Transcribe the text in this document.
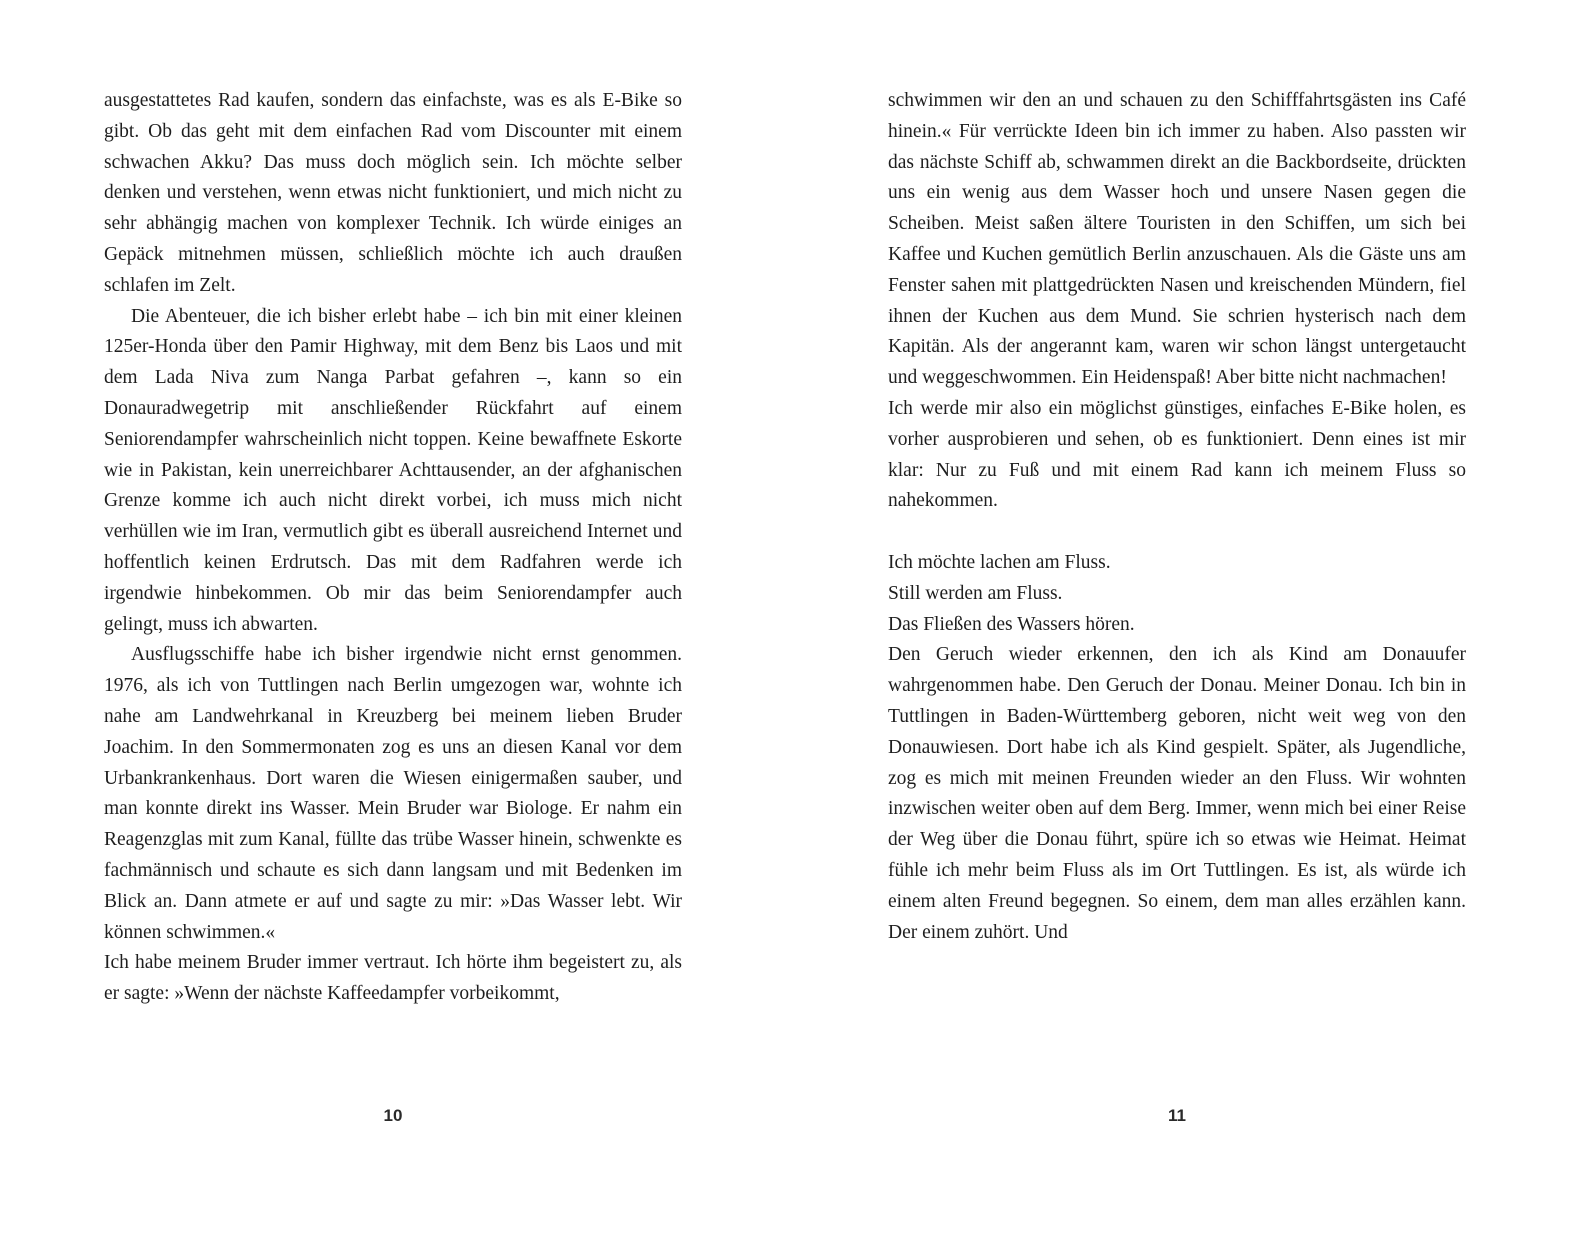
ausgestattetes Rad kaufen, sondern das einfachste, was es als E-Bike so gibt. Ob das geht mit dem einfachen Rad vom Discounter mit einem schwachen Akku? Das muss doch möglich sein. Ich möchte selber denken und verstehen, wenn etwas nicht funktioniert, und mich nicht zu sehr abhängig machen von komplexer Technik. Ich würde einiges an Gepäck mitnehmen müssen, schließlich möchte ich auch draußen schlafen im Zelt.

Die Abenteuer, die ich bisher erlebt habe – ich bin mit einer kleinen 125er-Honda über den Pamir Highway, mit dem Benz bis Laos und mit dem Lada Niva zum Nanga Parbat gefahren –, kann so ein Donauradwegetrip mit anschließender Rückfahrt auf einem Seniorendampfer wahrscheinlich nicht toppen. Keine bewaffnete Eskorte wie in Pakistan, kein unerreichbarer Achttausender, an der afghanischen Grenze komme ich auch nicht direkt vorbei, ich muss mich nicht verhüllen wie im Iran, vermutlich gibt es überall ausreichend Internet und hoffentlich keinen Erdrutsch. Das mit dem Radfahren werde ich irgendwie hinbekommen. Ob mir das beim Seniorendampfer auch gelingt, muss ich abwarten.

Ausflugsschiffe habe ich bisher irgendwie nicht ernst genommen. 1976, als ich von Tuttlingen nach Berlin umgezogen war, wohnte ich nahe am Landwehrkanal in Kreuzberg bei meinem lieben Bruder Joachim. In den Sommermonaten zog es uns an diesen Kanal vor dem Urbankrankenhaus. Dort waren die Wiesen einigermaßen sauber, und man konnte direkt ins Wasser. Mein Bruder war Biologe. Er nahm ein Reagenzglas mit zum Kanal, füllte das trübe Wasser hinein, schwenkte es fachmännisch und schaute es sich dann langsam und mit Bedenken im Blick an. Dann atmete er auf und sagte zu mir: »Das Wasser lebt. Wir können schwimmen.«

Ich habe meinem Bruder immer vertraut. Ich hörte ihm begeistert zu, als er sagte: »Wenn der nächste Kaffeedampfer vorbeikommt,

10

schwimmen wir den an und schauen zu den Schifffahrtsgästen ins Café hinein.« Für verrückte Ideen bin ich immer zu haben. Also passten wir das nächste Schiff ab, schwammen direkt an die Backbordseite, drückten uns ein wenig aus dem Wasser hoch und unsere Nasen gegen die Scheiben. Meist saßen ältere Touristen in den Schiffen, um sich bei Kaffee und Kuchen gemütlich Berlin anzuschauen. Als die Gäste uns am Fenster sahen mit plattgedrückten Nasen und kreischenden Mündern, fiel ihnen der Kuchen aus dem Mund. Sie schrien hysterisch nach dem Kapitän. Als der angerannt kam, waren wir schon längst untergetaucht und weggeschwommen. Ein Heidenspaß! Aber bitte nicht nachmachen!

Ich werde mir also ein möglichst günstiges, einfaches E-Bike holen, es vorher ausprobieren und sehen, ob es funktioniert. Denn eines ist mir klar: Nur zu Fuß und mit einem Rad kann ich meinem Fluss so nahekommen.

Ich möchte lachen am Fluss.
Still werden am Fluss.
Das Fließen des Wassers hören.

Den Geruch wieder erkennen, den ich als Kind am Donauufer wahrgenommen habe. Den Geruch der Donau. Meiner Donau. Ich bin in Tuttlingen in Baden-Württemberg geboren, nicht weit weg von den Donauwiesen. Dort habe ich als Kind gespielt. Später, als Jugendliche, zog es mich mit meinen Freunden wieder an den Fluss. Wir wohnten inzwischen weiter oben auf dem Berg. Immer, wenn mich bei einer Reise der Weg über die Donau führt, spüre ich so etwas wie Heimat. Heimat fühle ich mehr beim Fluss als im Ort Tuttlingen. Es ist, als würde ich einem alten Freund begegnen. So einem, dem man alles erzählen kann. Der einem zuhört. Und

11
